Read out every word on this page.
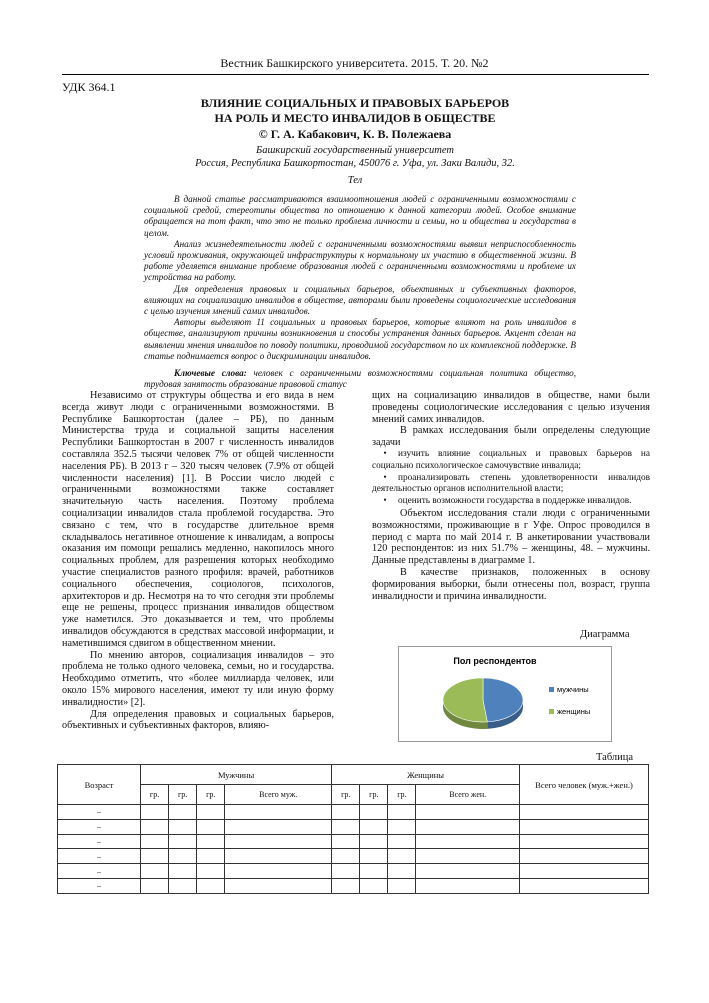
Вестник Башкирского университета. 2015. Т. 20. №2
УДК 364.1
ВЛИЯНИЕ СОЦИАЛЬНЫХ И ПРАВОВЫХ БАРЬЕРОВ
НА РОЛЬ И МЕСТО ИНВАЛИДОВ В ОБЩЕСТВЕ
© Г. А. Кабакович, К. В. Полежаева
Башкирский государственный университет
Россия, Республика Башкортостан, 450076 г. Уфа, ул. Заки Валиди, 32.
Тел

В данной статье рассматриваются взаимоотношения людей с ограниченными возможностями с социальной средой, стереотипы общества по отношению к данной категории людей. Особое внимание обращается на тот факт, что это не только проблема личности и семьи, но и общества и государства в целом.

Анализ жизнедеятельности людей с ограниченными возможностями выявил неприспособленность условий проживания, окружающей инфраструктуры к нормальному их участию в общественной жизни. В работе уделяется внимание проблеме образования людей с ограниченными возможностями и проблеме их устройства на работу.

Для определения правовых и социальных барьеров, объективных и субъективных факторов, влияющих на социализацию инвалидов в обществе, авторами были проведены социологические исследования с целью изучения мнений самих инвалидов.

Авторы выделяют 11 социальных и правовых барьеров, которые влияют на роль инвалидов в обществе, анализируют причины возникновения и способы устранения данных барьеров. Акцент сделан на выявлении мнения инвалидов по поводу политики, проводимой государством по их комплексной поддержке. В статье поднимается вопрос о дискриминации инвалидов.

Ключевые слова: человек с ограниченными возможностями социальная политика общество, трудовая занятость образование правовой статус

Независимо от структуры общества и его вида в нем всегда живут люди с ограниченными возможностями. В Республике Башкортостан (далее – РБ), по данным Министерства труда и социальной защиты населения Республики Башкортостан в 2007 г численность инвалидов составляла 352.5 тысячи человек 7% от общей численности населения РБ). В 2013 г – 320 тысяч человек (7.9% от общей численности населения) [1]. В России число людей с ограниченными возможностями также составляет значительную часть населения. Поэтому проблема социализации инвалидов стала проблемой государства. Это связано с тем, что в государстве длительное время складывалось негативное отношение к инвалидам, а вопросы оказания им помощи решались медленно, накопилось много социальных проблем, для разрешения которых необходимо участие специалистов разного профиля: врачей, работников социального обеспечения, социологов, психологов, архитекторов и др. Несмотря на то что сегодня эти проблемы еще не решены, процесс признания инвалидов обществом уже наметился. Это доказывается и тем, что проблемы инвалидов обсуждаются в средствах массовой информации, и наметившимся сдвигом в общественном мнении.

По мнению авторов, социализация инвалидов – это проблема не только одного человека, семьи, но и государства. Необходимо отметить, что «более миллиарда человек, или около 15% мирового населения, имеют ту или иную форму инвалидности» [2].

Для определения правовых и социальных барьеров, объективных и субъективных факторов, влияю-

щих на социализацию инвалидов в обществе, нами были проведены социологические исследования с целью изучения мнений самих инвалидов.

В рамках исследования были определены следующие задачи

• изучить влияние социальных и правовых барьеров на социально психологическое самочувствие инвалида;
• проанализировать степень удовлетворенности инвалидов деятельностью органов исполнительной власти;
• оценить возможности государства в поддержке инвалидов.

Объектом исследования стали люди с ограниченными возможностями, проживающие в г Уфе. Опрос проводился в период с марта по май 2014 г. В анкетировании участвовали 120 респондентов: из них 51.7% – женщины, 48. – мужчины. Данные представлены в диаграмме 1.

В качестве признаков, положенных в основу формирования выборки, были отнесены пол, возраст, группа инвалидности и причина инвалидности.

Диаграмма
Пол респондентов
мужчины
женщины
Таблица
Возраст	Мужчины				Женщины				Всего человек (муж.+жен.)
	гр.	гр.	гр.	Всего муж.	гр.	гр.	гр.	Всего жен.	
–									
–									
–									
–									
–									
–									
